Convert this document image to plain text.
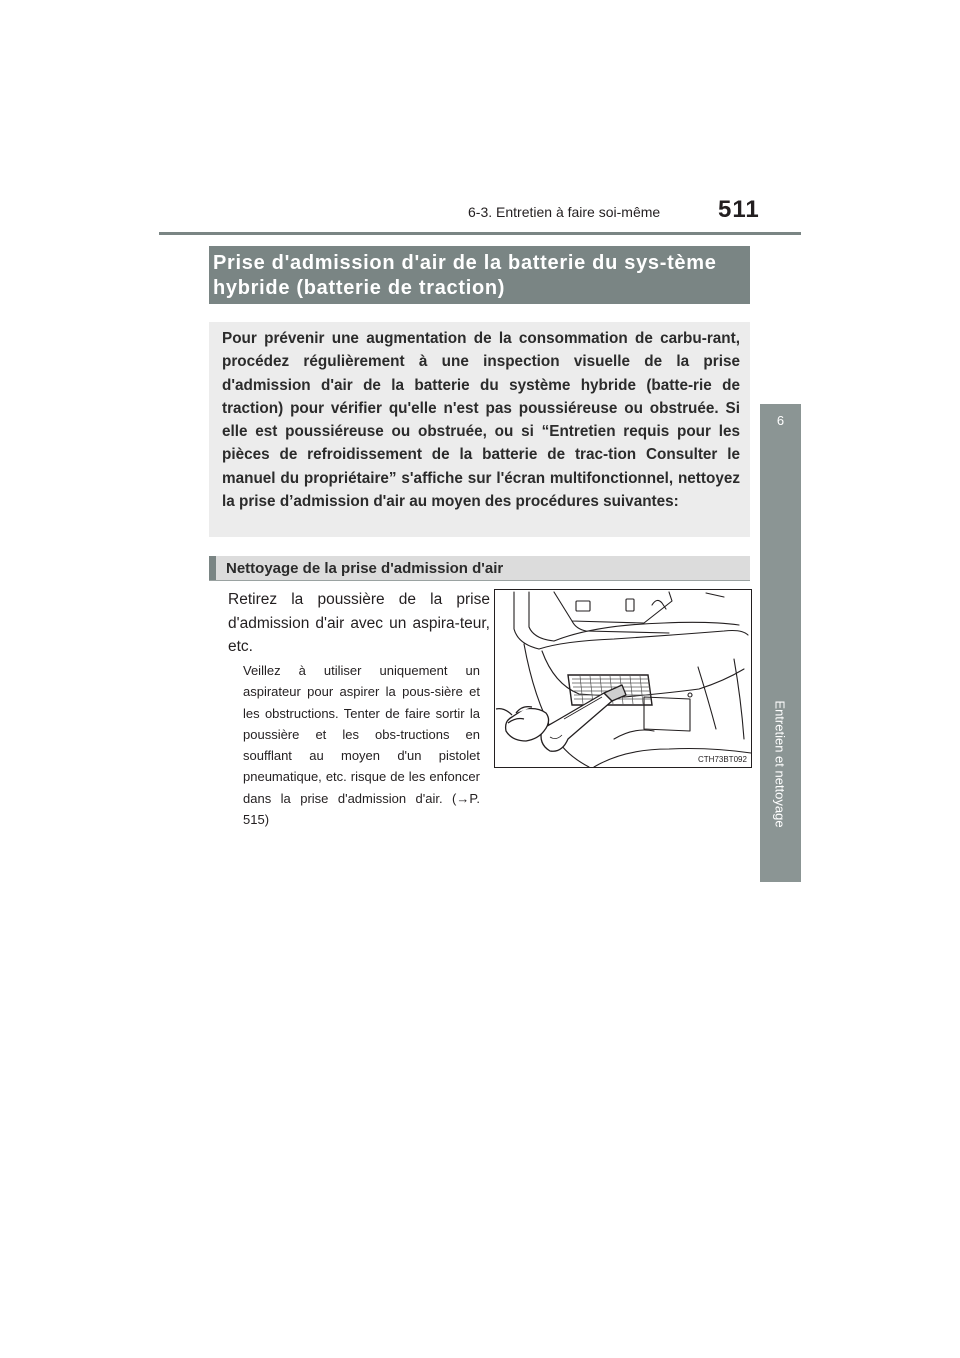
6-3. Entretien à faire soi-même 511
6
Entretien et nettoyage
Prise d'admission d'air de la batterie du sys-tème hybride (batterie de traction)
Pour prévenir une augmentation de la consommation de carbu-rant, procédez régulièrement à une inspection visuelle de la prise d'admission d'air de la batterie du système hybride (batte-rie de traction) pour vérifier qu'elle n'est pas poussiéreuse ou obstruée. Si elle est poussiéreuse ou obstruée, ou si “Entretien requis pour les pièces de refroidissement de la batterie de trac-tion Consulter le manuel du propriétaire” s'affiche sur l'écran multifonctionnel, nettoyez la prise d’admission d'air au moyen des procédures suivantes:
Nettoyage de la prise d'admission d'air
Retirez la poussière de la prise d'admission d'air avec un aspira-teur, etc.
Veillez à utiliser uniquement un aspirateur pour aspirer la pous-sière et les obstructions. Tenter de faire sortir la poussière et les obs-tructions en soufflant au moyen d'un pistolet pneumatique, etc. risque de les enfoncer dans la prise d'admission d'air. (→P. 515)
CTH73BT092
